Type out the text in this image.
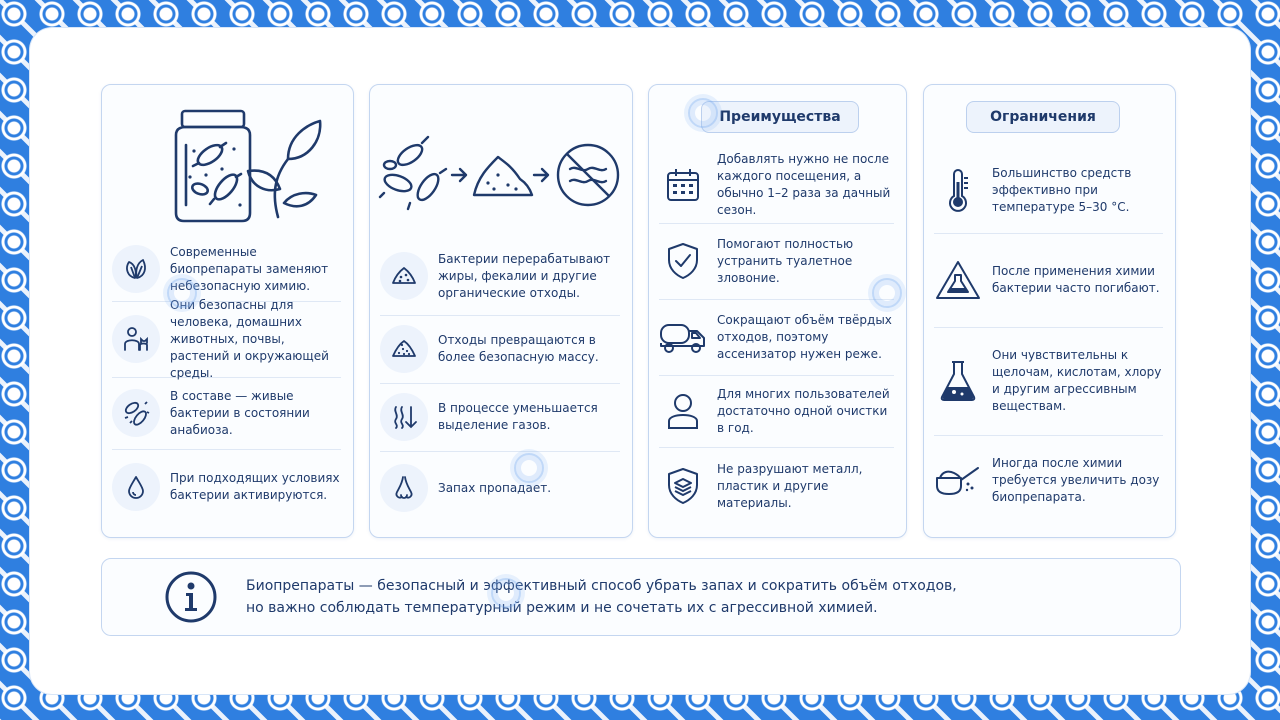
Современные биопрепараты заменяют небезопасную химию.
Они безопасны для человека, домашних животных, почвы, растений и окружающей среды.
В составе — живые бактерии в состоянии анабиоза.
При подходящих условиях бактерии активируются.
Бактерии перерабатывают жиры, фекалии и другие органические отходы.
Отходы превращаются в более безопасную массу.
В процессе уменьшается выделение газов.
Запах пропадает.
Преимущества
Добавлять нужно не после каждого посещения, а обычно 1–2 раза за дачный сезон.
Помогают полностью устранить туалетное зловоние.
Сокращают объём твёрдых отходов, поэтому ассенизатор нужен реже.
Для многих пользователей достаточно одной очистки в год.
Не разрушают металл, пластик и другие материалы.
Ограничения
Большинство средств эффективно при температуре 5–30 °C.
После применения химии бактерии часто погибают.
Они чувствительны к щелочам, кислотам, хлору и другим агрессивным веществам.
Иногда после химии требуется увеличить дозу биопрепарата.
Биопрепараты — безопасный и эффективный способ убрать запах и сократить объём отходов,
но важно соблюдать температурный режим и не сочетать их с агрессивной химией.
